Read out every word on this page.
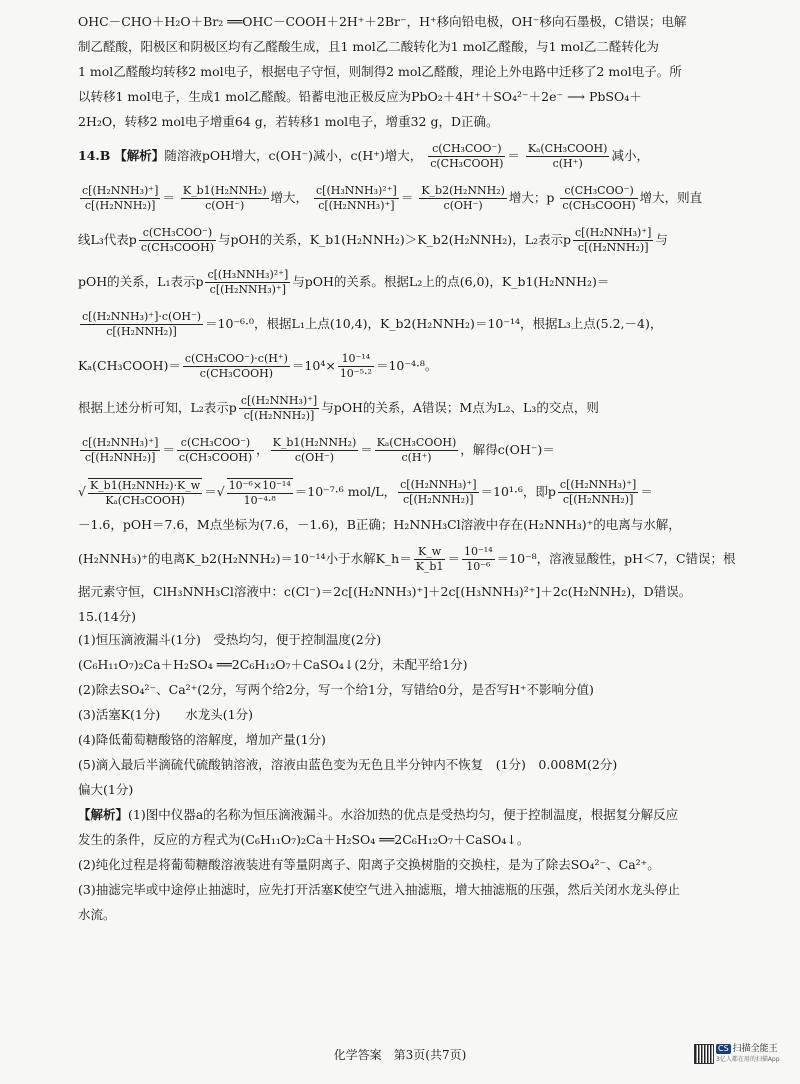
OHC－CHO＋H₂O＋Br₂ ══OHC－COOH＋2H⁺＋2Br⁻，H⁺移向铅电极，OH⁻移向石墨极，C错误；电解
制乙醛酸，阳极区和阴极区均有乙醛酸生成，且1 mol乙二酸转化为1 mol乙醛酸，与1 mol乙二醛转化为
1 mol乙醛酸均转移2 mol电子，根据电子守恒，则制得2 mol乙醛酸，理论上外电路中迁移了2 mol电子。所
以转移1 mol电子，生成1 mol乙醛酸。铅蓄电池正极反应为PbO₂＋4H⁺＋SO₄²⁻＋2e⁻ ⟶ PbSO₄＋
2H₂O，转移2 mol电子增重64 g，若转移1 mol电子，增重32 g，D正确。
14.B 【解析】随溶液pOH增大，c(OH⁻)减小，c(H⁺)增大， $\frac{\text{c(CH₃COO⁻)}}{\text{c(CH₃COOH)}} = \frac{\text{Kₐ(CH₃COOH)}}{c(H^+)}$ 减小，
$\frac{\text{c[(H₂NNH₃)⁺]}}{\text{c[(H₂NNH₂)]}} = \frac{\text{K\_b1(H₂NNH₂)}}{c(OH^-)}$ 增大， $\frac{\text{c[(H₃NNH₃)²⁺]}}{\text{c[(H₂NNH₃)⁺]}} = \frac{\text{K\_b2(H₂NNH₂)}}{c(OH^-)}$ 增大；p $\frac{\text{c(CH₃COO⁻)}}{\text{c(CH₃COOH)}}$ 增大，则直
线L₃代表p $\frac{\text{c(CH₃COO⁻)}}{\text{c(CH₃COOH)}}$ 与pOH的关系，K_b1(H₂NNH₂)＞K_b2(H₂NNH₂)，L₂表示p $\frac{\text{c[(H₂NNH₃)⁺]}}{\text{c[(H₂NNH₂)]}}$ 与
pOH的关系，L₁表示p $\frac{\text{c[(H₃NNH₃)²⁺]}}{\text{c[(H₂NNH₃)⁺]}}$ 与pOH的关系。根据L₂上的点(6,0)，K_b1(H₂NNH₂)＝
$\frac{\text{c[(H₂NNH₃)⁺]·c(OH⁻)}}{\text{c[(H₂NNH₂)]}} =10^{-6}\cdot^0$，根据L₁上点(10,4)，K_b2(H₂NNH₂)＝10⁻¹⁴，根据L₃上点(5.2,－4)，
Kₐ(CH₃COOH)＝ $\frac{\text{c(CH₃COO⁻)·c(H⁺)}}{\text{c(CH₃COOH)}} =10^4\times \frac{\text{10⁻¹⁴}}{\text{10⁻⁵·²}} =10^{-4}\cdot^8$。
根据上述分析可知，L₂表示p $\frac{\text{c[(H₂NNH₃)⁺]}}{\text{c[(H₂NNH₂)]}}$ 与pOH的关系，A错误；M点为L₂、L₃的交点，则
$\frac{\text{c[(H₂NNH₃)⁺]}}{\text{c[(H₂NNH₂)]}} = \frac{\text{c(CH₃COO⁻)}}{\text{c(CH₃COOH)}}$ ， $\frac{\text{K\_b1(H₂NNH₂)}}{c(OH^-)} = \frac{\text{Kₐ(CH₃COOH)}}{c(H^+)}$ ，解得c(OH⁻)＝
√ $\frac{\text{K\_b1(H₂NNH₂)·K\_w}}{\text{Kₐ(CH₃COOH)}}$ ＝√ $\frac{\text{10⁻⁶×10⁻¹⁴}}{\text{10⁻⁴·⁸}} =10^{-7}\cdot^6$ mol/L， $\frac{\text{c[(H₂NNH₃)⁺]}}{\text{c[(H₂NNH₂)]}} =10^1\cdot^6$，即p $\frac{\text{c[(H₂NNH₃)⁺]}}{\text{c[(H₂NNH₂)]}}$ ＝
－1.6，pOH＝7.6，M点坐标为(7.6，－1.6)，B正确；H₂NNH₃Cl溶液中存在(H₂NNH₃)⁺的电离与水解，
(H₂NNH₃)⁺的电离K_b2(H₂NNH₂)＝10⁻¹⁴小于水解K_h＝ $\frac{K\_w}{K\_b1} = \frac{\text{10⁻¹⁴}}{\text{10⁻⁶}} =10^{-8}$，溶液显酸性，pH＜7，C错误；根
据元素守恒，ClH₃NNH₃Cl溶液中：c(Cl⁻)＝2c[(H₂NNH₃)⁺]＋2c[(H₃NNH₃)²⁺]＋2c(H₂NNH₂)，D错误。
15.(14分)
(1)恒压滴液漏斗(1分)　受热均匀，便于控制温度(2分)
(C₆H₁₁O₇)₂Ca＋H₂SO₄ ══2C₆H₁₂O₇＋CaSO₄↓(2分，未配平给1分)
(2)除去SO₄²⁻、Ca²⁺(2分，写两个给2分，写一个给1分，写错给0分，是否写H⁺不影响分值)
(3)活塞K(1分)　　水龙头(1分)
(4)降低葡萄糖酸铬的溶解度，增加产量(1分)
(5)滴入最后半滴硫代硫酸钠溶液，溶液由蓝色变为无色且半分钟内不恢复　(1分)　0.008M(2分)
偏大(1分)
【解析】(1)图中仪器a的名称为恒压滴液漏斗。水浴加热的优点是受热均匀，便于控制温度，根据复分解反应
发生的条件，反应的方程式为(C₆H₁₁O₇)₂Ca＋H₂SO₄ ══2C₆H₁₂O₇＋CaSO₄↓。
(2)纯化过程是将葡萄糖酸溶液装进有等量阴离子、阳离子交换树脂的交换柱，是为了除去SO₄²⁻、Ca²⁺。
(3)抽滤完毕或中途停止抽滤时，应先打开活塞K使空气进入抽滤瓶，增大抽滤瓶的压强，然后关闭水龙头停止
水流。
化学答案　第3页(共7页)	CS 扫描全能王
3亿人都在用的扫描App
